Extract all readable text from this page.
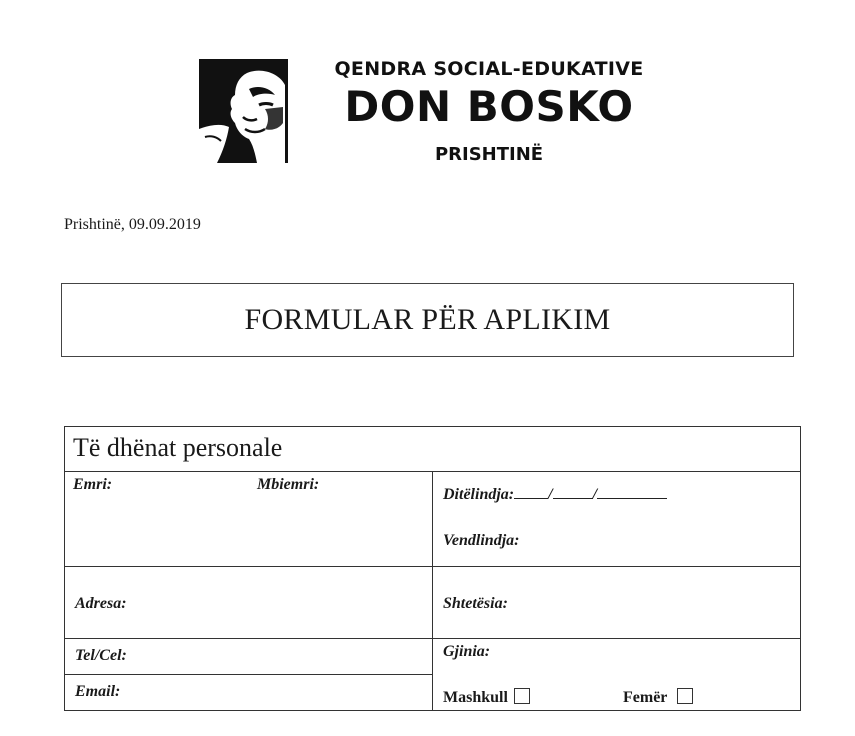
QENDRA SOCIAL-EDUKATIVE
DON BOSKO
PRISHTINË
Prishtinë, 09.09.2019
FORMULAR PËR APLIKIM
Të dhënat personale	

Emri: Mbiemri:	Ditëlindja: / /
Vendlindja:

Adresa:	Shtetësia:

Tel/Cel:	Gjinia:
Mashkull Femër

Email:	
